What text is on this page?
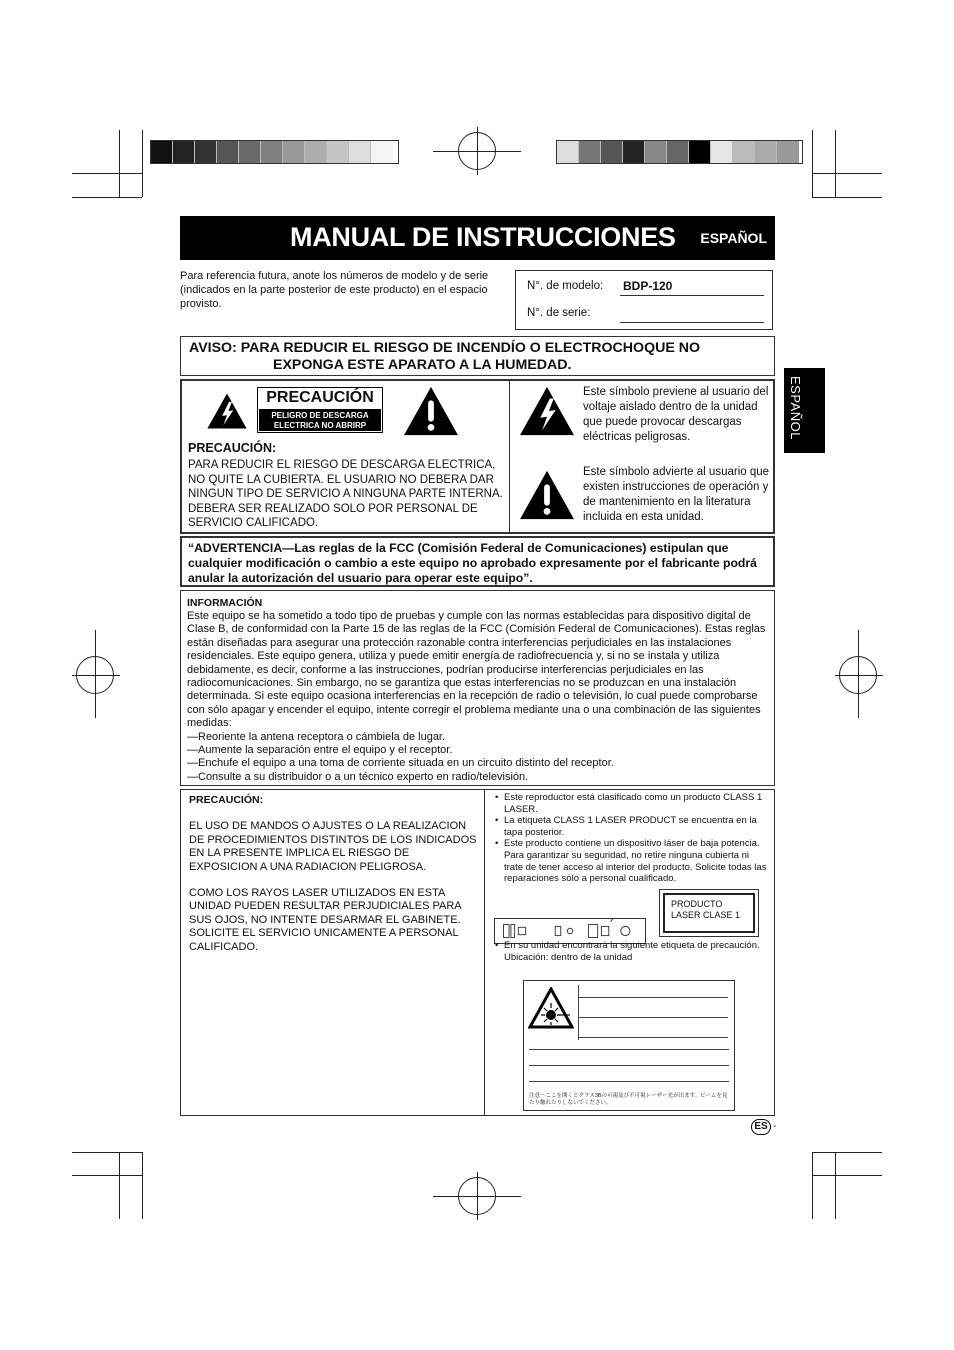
MANUAL DE INSTRUCCIONES ESPAÑOL
Para referencia futura, anote los números de modelo y de serie (indicados en la parte posterior de este producto) en el espacio provisto.
N°. de modelo: BDP-120
N°. de serie:
AVISO: PARA REDUCIR EL RIESGO DE INCENDÍO O ELECTROCHOQUE NO
EXPONGA ESTE APARATO A LA HUMEDAD.
PRECAUCIÓN
PELIGRO DE DESCARGA
ELECTRICA NO ABRIRP
PRECAUCIÓN:
PARA REDUCIR EL RIESGO DE DESCARGA ELECTRICA, NO QUITE LA CUBIERTA. EL USUARIO NO DEBERA DAR NINGUN TIPO DE SERVICIO A NINGUNA PARTE INTERNA. DEBERA SER REALIZADO SOLO POR PERSONAL DE SERVICIO CALIFICADO.
Este símbolo previene al usuario del voltaje aislado dentro de la unidad que puede provocar descargas eléctricas peligrosas.
Este símbolo advierte al usuario que existen instrucciones de operación y de mantenimiento en la literatura incluida en esta unidad.
“ADVERTENCIA—Las reglas de la FCC (Comisión Federal de Comunicaciones) estipulan que cualquier modificación o cambio a este equipo no aprobado expresamente por el fabricante podrá anular la autorización del usuario para operar este equipo”.
INFORMACIÓN
Este equipo se ha sometido a todo tipo de pruebas y cumple con las normas establecidas para dispositivo digital de Clase B, de conformidad con la Parte 15 de las reglas de la FCC (Comisión Federal de Comunicaciones). Estas reglas están diseñadas para asegurar una protección razonable contra interferencias perjudiciales en las instalaciones residenciales. Este equipo genera, utiliza y puede emitir energía de radiofrecuencia y, si no se instala y utiliza debidamente, es decir, conforme a las instrucciones, podrían producirse interferencias perjudiciales en las radiocomunicaciones. Sin embargo, no se garantiza que estas interferencias no se produzcan en una instalación determinada. Si este equipo ocasiona interferencias en la recepción de radio o televisión, lo cual puede comprobarse con sólo apagar y encender el equipo, intente corregir el problema mediante una o una combinación de las siguientes medidas:
—Reoriente la antena receptora o cámbiela de lugar.
—Aumente la separación entre el equipo y el receptor.
—Enchufe el equipo a una toma de corriente situada en un circuito distinto del receptor.
—Consulte a su distribuidor o a un técnico experto en radio/televisión.
PRECAUCIÓN:
EL USO DE MANDOS O AJUSTES O LA REALIZACION DE PROCEDIMIENTOS DISTINTOS DE LOS INDICADOS EN LA PRESENTE IMPLICA EL RIESGO DE EXPOSICION A UNA RADIACION PELIGROSA.
COMO LOS RAYOS LASER UTILIZADOS EN ESTA UNIDAD PUEDEN RESULTAR PERJUDICIALES PARA SUS OJOS, NO INTENTE DESARMAR EL GABINETE.
SOLICITE EL SERVICIO UNICAMENTE A PERSONAL CALIFICADO.
• Este reproductor está clasificado como un producto CLASS 1 LASER.
• La etiqueta CLASS 1 LASER PRODUCT se encuentra en la tapa posterior.
• Este producto contiene un dispositivo láser de baja potencia. Para garantizar su seguridad, no retire ninguna cubierta ni trate de tener acceso al interior del producto. Solicite todas las reparaciones sólo a personal cualificado.
PRODUCTO
LASER CLASE 1
• En su unidad encontrará la siguiente etiqueta de precaución.
Ubicación: dentro de la unidad
注意－ここを開くとクラス3Bの可視及び不可視レーザー光が出ます。ビームを見たり触れたりしないでください。
ESPAÑOL
ES -
